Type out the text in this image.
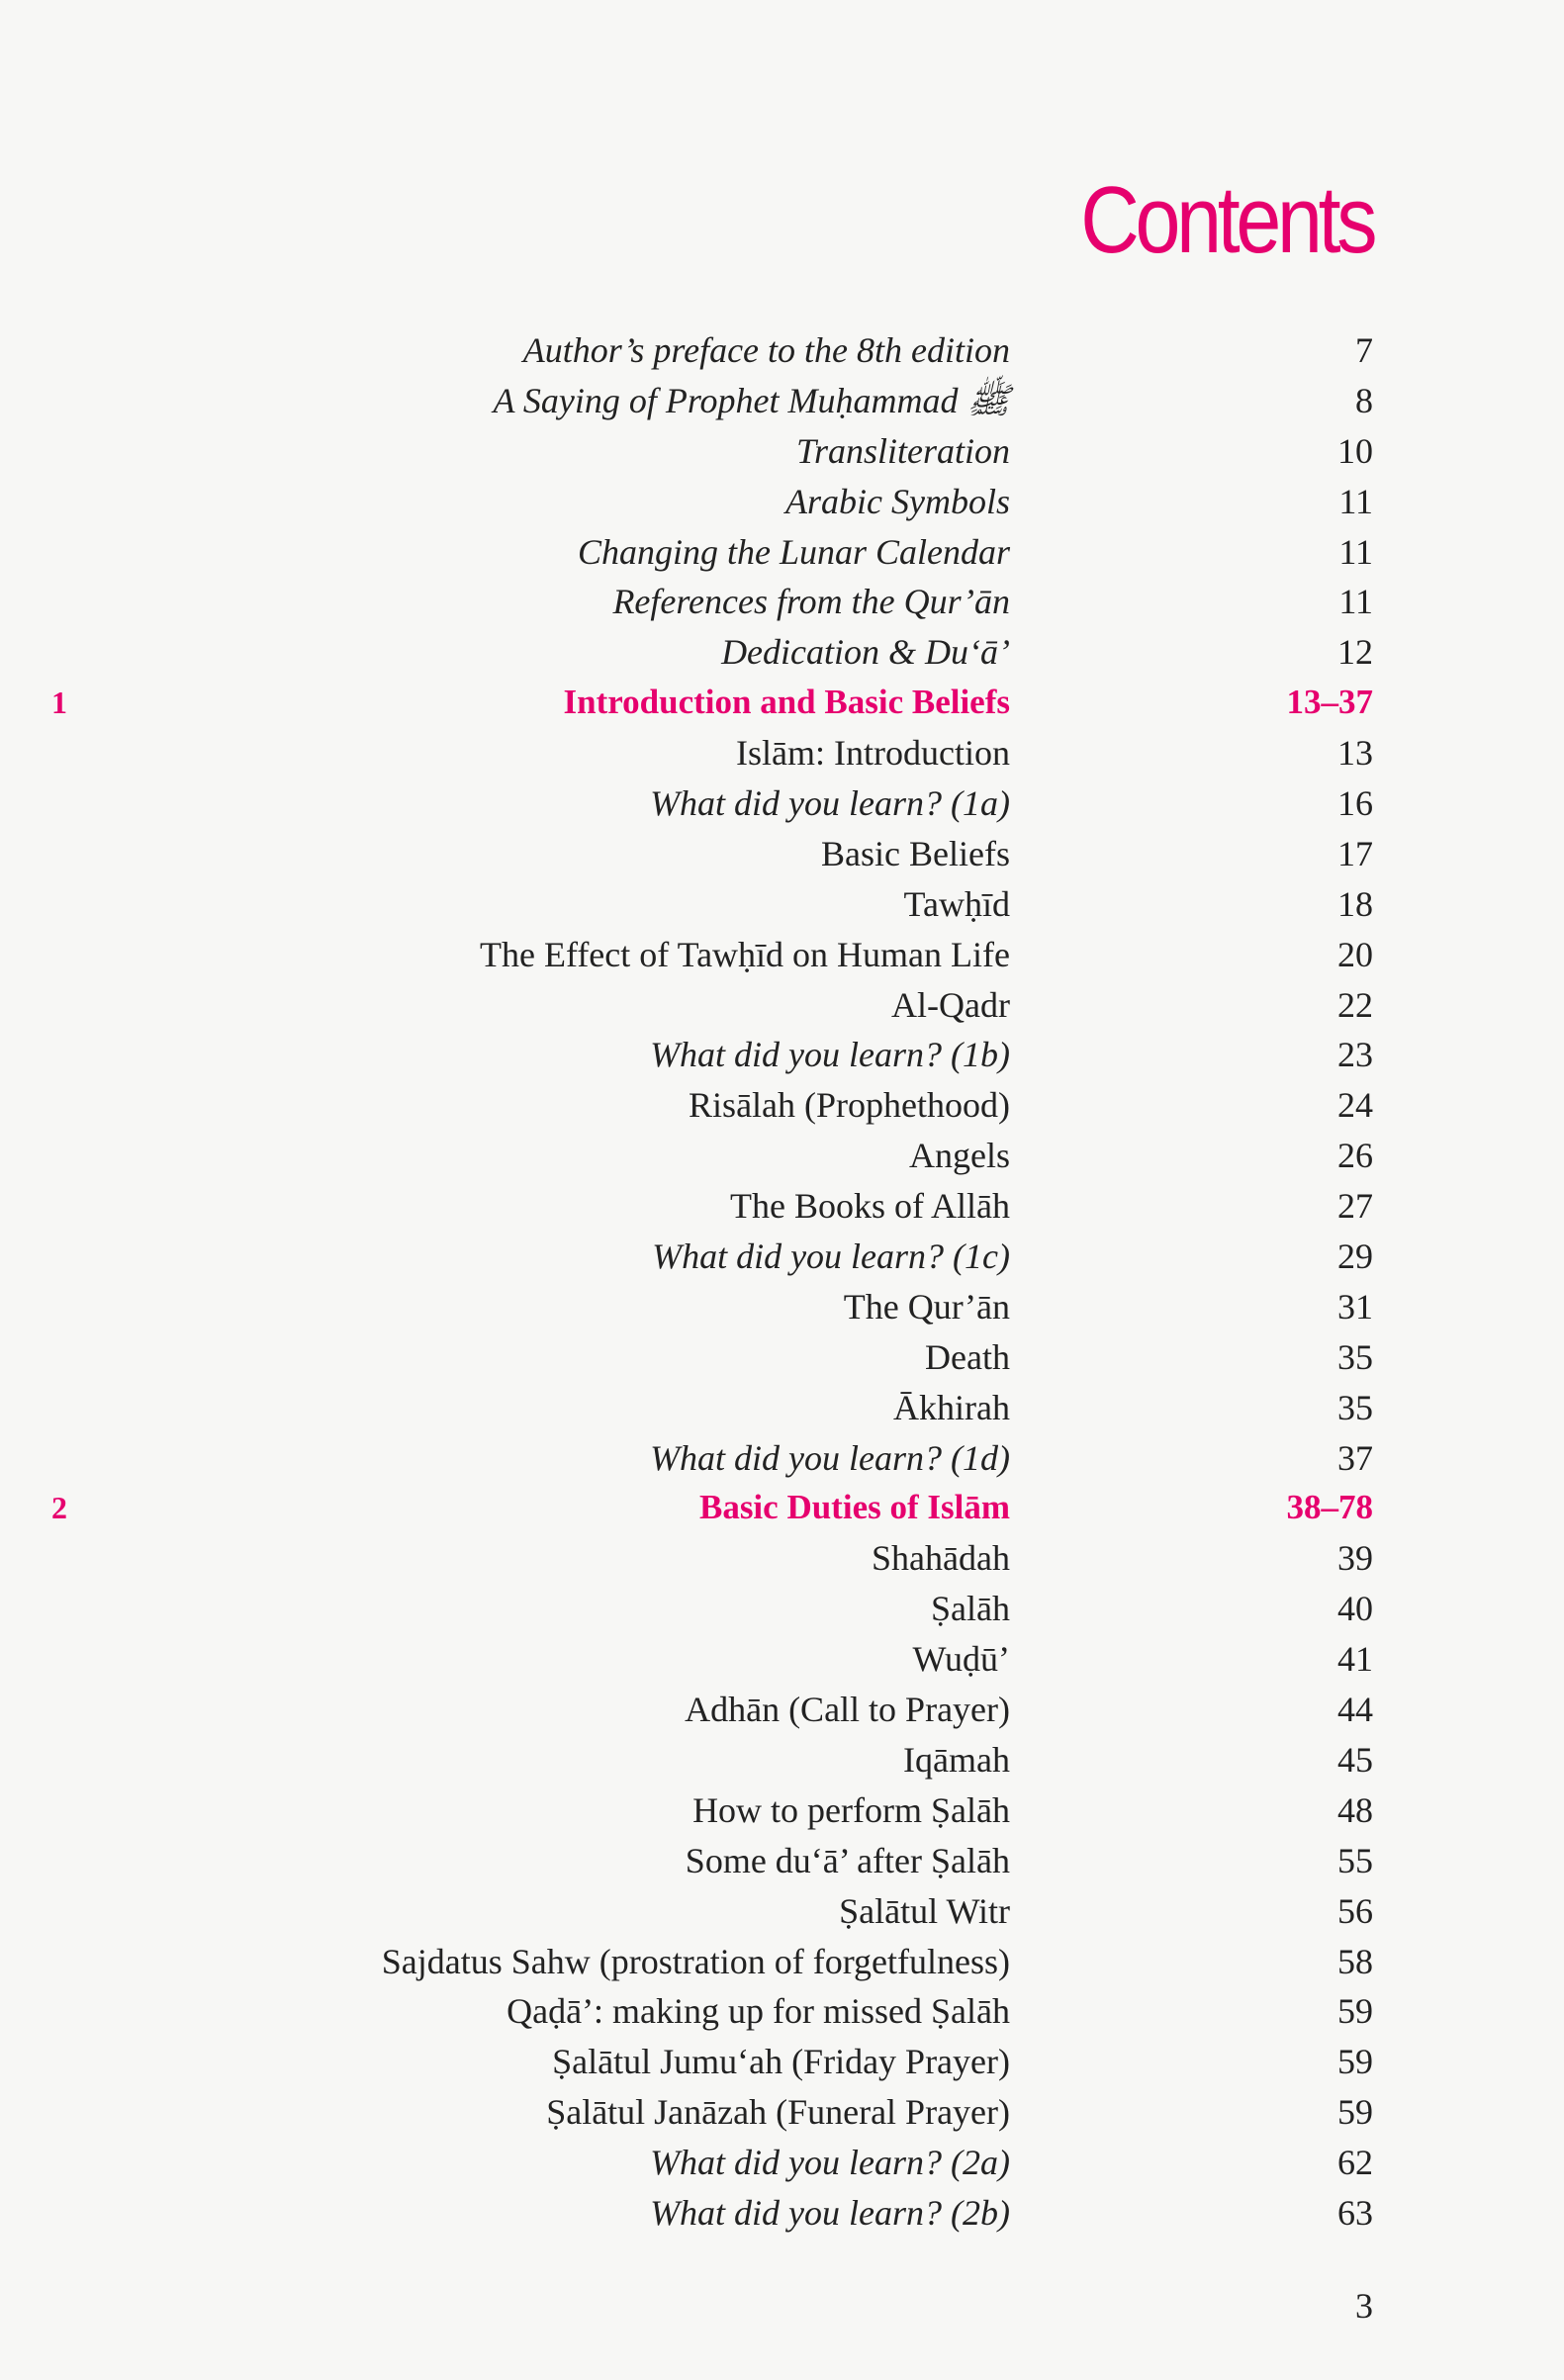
Contents
Author’s preface to the 8th edition	7
A Saying of Prophet Muḥammad ﷺ	8
Transliteration	10
Arabic Symbols	11
Changing the Lunar Calendar	11
References from the Qur’ān	11
Dedication & Du‘ā’	12
1	Introduction and Basic Beliefs	13–37
Islām: Introduction	13
What did you learn? (1a)	16
Basic Beliefs	17
Tawḥīd	18
The Effect of Tawḥīd on Human Life	20
Al-Qadr	22
What did you learn? (1b)	23
Risālah (Prophethood)	24
Angels	26
The Books of Allāh	27
What did you learn? (1c)	29
The Qur’ān	31
Death	35
Ākhirah	35
What did you learn? (1d)	37
2	Basic Duties of Islām	38–78
Shahādah	39
Ṣalāh	40
Wuḍū’	41
Adhān (Call to Prayer)	44
Iqāmah	45
How to perform Ṣalāh	48
Some du‘ā’ after Ṣalāh	55
Ṣalātul Witr	56
Sajdatus Sahw (prostration of forgetfulness)	58
Qaḍā’: making up for missed Ṣalāh	59
Ṣalātul Jumu‘ah (Friday Prayer)	59
Ṣalātul Janāzah (Funeral Prayer)	59
What did you learn? (2a)	62
What did you learn? (2b)	63
3
